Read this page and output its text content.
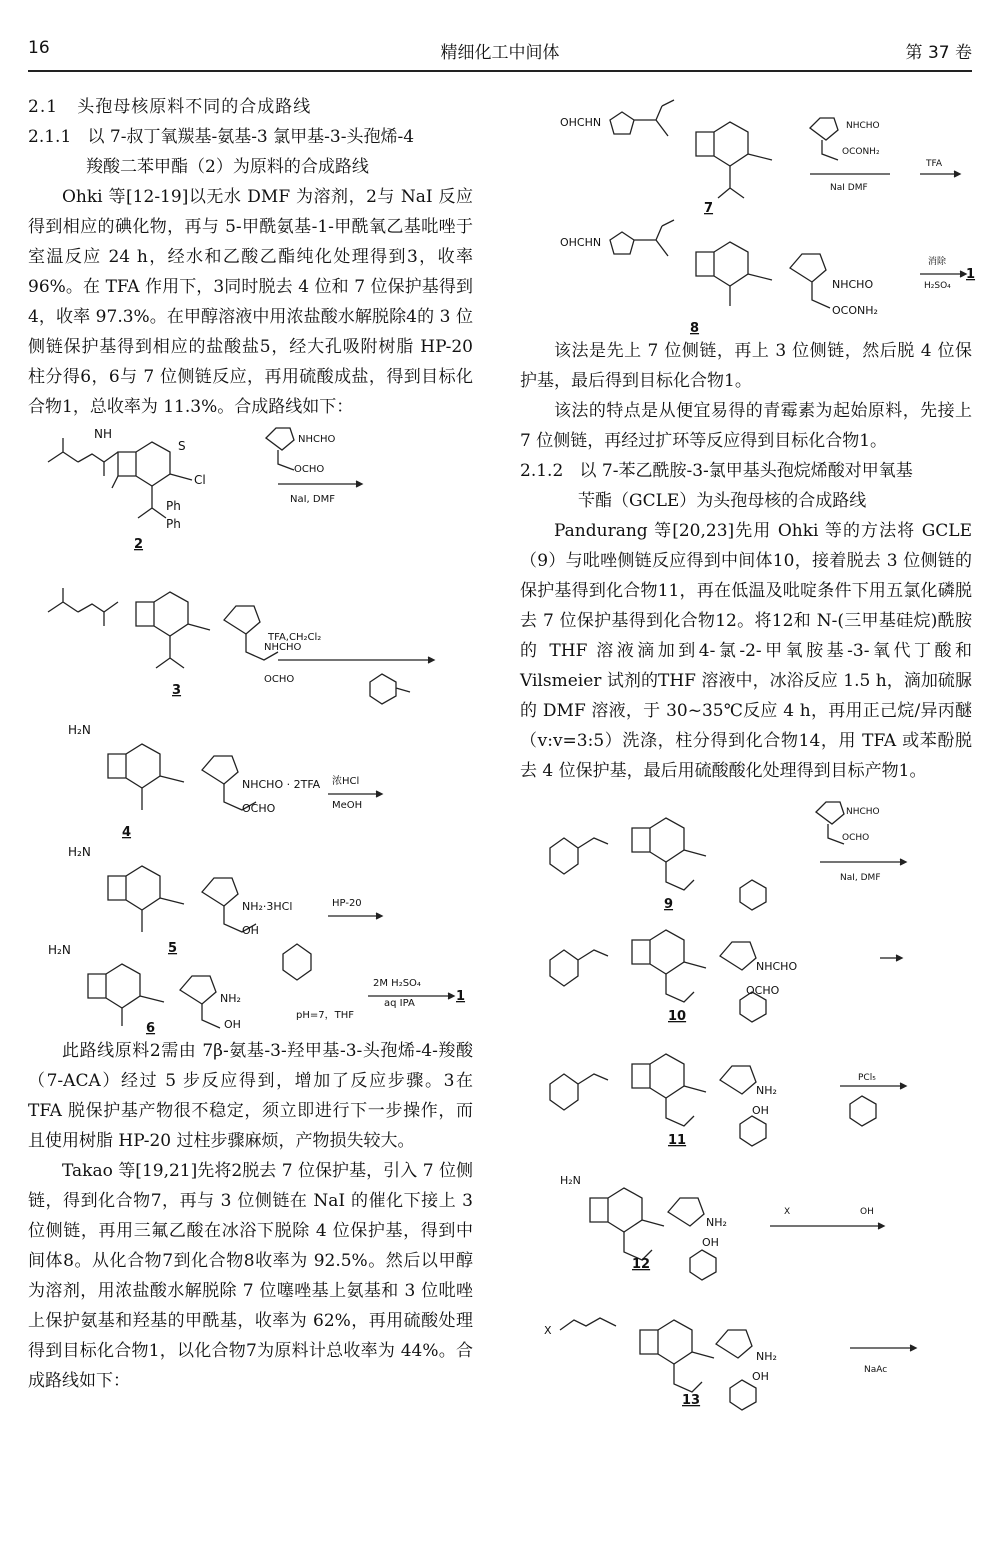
16	精细化工中间体	第 37 卷
2.1 头孢母核原料不同的合成路线
2.1.1 以 7-叔丁氧羰基-氨基-3 氯甲基-3-头孢烯-4
羧酸二苯甲酯（2）为原料的合成路线

Ohki 等[12-19]以无水 DMF 为溶剂，2与 NaI 反应得到相应的碘化物，再与 5-甲酰氨基-1-甲酰氧乙基吡唑于室温反应 24 h，经水和乙酸乙酯纯化处理得到3，收率 96%。在 TFA 作用下，3同时脱去 4 位和 7 位保护基得到4，收率 97.3%。在甲醇溶液中用浓盐酸水解脱除4的 3 位侧链保护基得到相应的盐酸盐5，经大孔吸附树脂 HP-20 柱分得6，6与 7 位侧链反应，再用硫酸成盐，得到目标化合物1，总收率为 11.3%。合成路线如下：

NH
S
Cl
Ph
Ph
NHCHO
OCHO
NaI, DMF
NHCHO
TFA,CH₂Cl₂
OCHO
H₂N
NHCHO · 2TFA 浓HCl
MeOH
OCHO
H₂N
NH₂·3HCl	HP-20
OH
H₂N
NH₂
OH
2M H₂SO₄
aq IPA
pH=7，THF
2
3
4
5
6
1

此路线原料2需由 7β-氨基-3-羟甲基-3-头孢烯-4-羧酸（7-ACA）经过 5 步反应得到，增加了反应步骤。3在 TFA 脱保护基产物很不稳定，须立即进行下一步操作，而且使用树脂 HP-20 过柱步骤麻烦，产物损失较大。

Takao 等[19,21]先将2脱去 7 位保护基，引入 7 位侧链，得到化合物7，再与 3 位侧链在 NaI 的催化下接上 3 位侧链，再用三氟乙酸在冰浴下脱除 4 位保护基，得到中间体8。从化合物7到化合物8收率为 92.5%。然后以甲醇为溶剂，用浓盐酸水解脱除 7 位噻唑基上氨基和 3 位吡唑上保护氨基和羟基的甲酰基，收率为 62%，再用硫酸处理得到目标化合物1，以化合物7为原料计总收率为 44%。合成路线如下：

OHCHN	NHCHO
OCONH₂
NaI DMF
TFA
OHCHN
NHCHO
OCONH₂
消除
H₂SO₄
7
8
1

该法是先上 7 位侧链，再上 3 位侧链，然后脱 4 位保护基，最后得到目标化合物1。

该法的特点是从便宜易得的青霉素为起始原料，先接上 7 位侧链，再经过扩环等反应得到目标化合物1。

2.1.2 以 7-苯乙酰胺-3-氯甲基头孢烷烯酸对甲氧基
苄酯（GCLE）为头孢母核的合成路线

Pandurang 等[20,23]先用 Ohki 等的方法将 GCLE（9）与吡唑侧链反应得到中间体10，接着脱去 3 位侧链的保护基得到化合物11，再在低温及吡啶条件下用五氯化磷脱去 7 位保护基得到化合物12。将12和 N-(三甲基硅烷)酰胺的 THF 溶液滴加到4-氯-2-甲氧胺基-3-氧代丁酸和 Vilsmeier 试剂的THF 溶液中，冰浴反应 1.5 h，滴加硫脲的 DMF 溶液，于 30~35℃反应 4 h，再用正己烷/异丙醚（v:v=3:5）洗涤，柱分得到化合物14，用 TFA 或苯酚脱去 4 位保护基，最后用硫酸酸化处理得到目标产物1。

NHCHO
OCHO
NaI, DMF
NHCHO
OCHO
NH₂
OH
PCl₅
H₂N
NH₂
OH
X	OH
X
NH₂
OH	NaAc
9
10
11
12
13
